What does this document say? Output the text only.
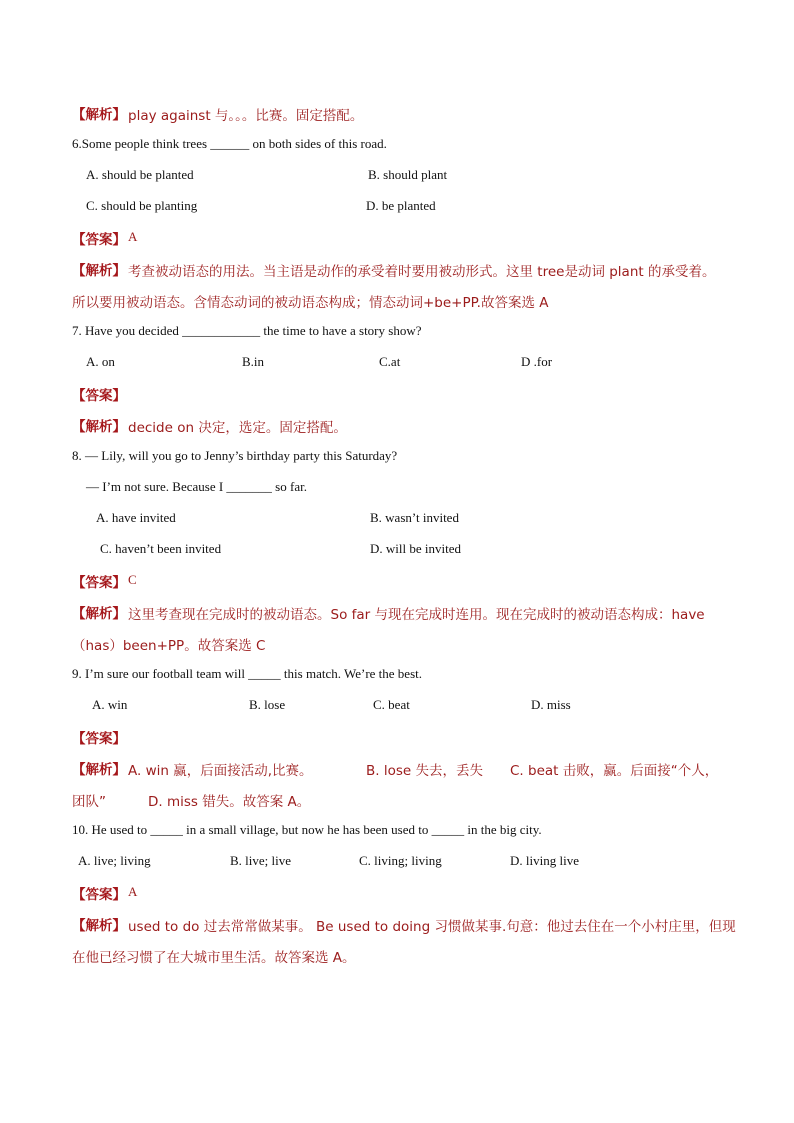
【解析】 play against 与。。。比赛。固定搭配。
6.Some people think trees ______ on both sides of this road.
A. should be planted	B. should plant
C. should be planting	D. be planted
【答案】 A
【解析】 考查被动语态的用法。当主语是动作的承受着时要用被动形式。这里 tree是动词 plant 的承受着。
所以要用被动语态。含情态动词的被动语态构成；情态动词+be+PP.故答案选 A
7. Have you decided ____________ the time to have a story show?
A. on	B.in	C.at	D .for
【答案】
【解析】 decide on 决定，选定。固定搭配。
8. — Lily, will you go to Jenny’s birthday party this Saturday?
— I’m not sure. Because I _______ so far.
A. have invited	B. wasn’t invited
C. haven’t been invited	D. will be invited
【答案】 C
【解析】 这里考查现在完成时的被动语态。So far 与现在完成时连用。现在完成时的被动语态构成：have
（has）been+PP。故答案选 C
9. I’m sure our football team will _____ this match. We’re the best.
A. win	B. lose	C. beat	D. miss
【答案】
【解析】 A. win 赢，后面接活动,比赛。	B. lose 失去，丢失 C. beat 击败，赢。后面接“个人，
团队”	D. miss 错失。故答案 A。
10. He used to _____ in a small village, but now he has been used to _____ in the big city.
A. live; living	B. live; live	C. living; living	D. living live
【答案】 A
【解析】 used to do 过去常常做某事。 Be used to doing 习惯做某事.句意：他过去住在一个小村庄里，但现
在他已经习惯了在大城市里生活。故答案选 A。
